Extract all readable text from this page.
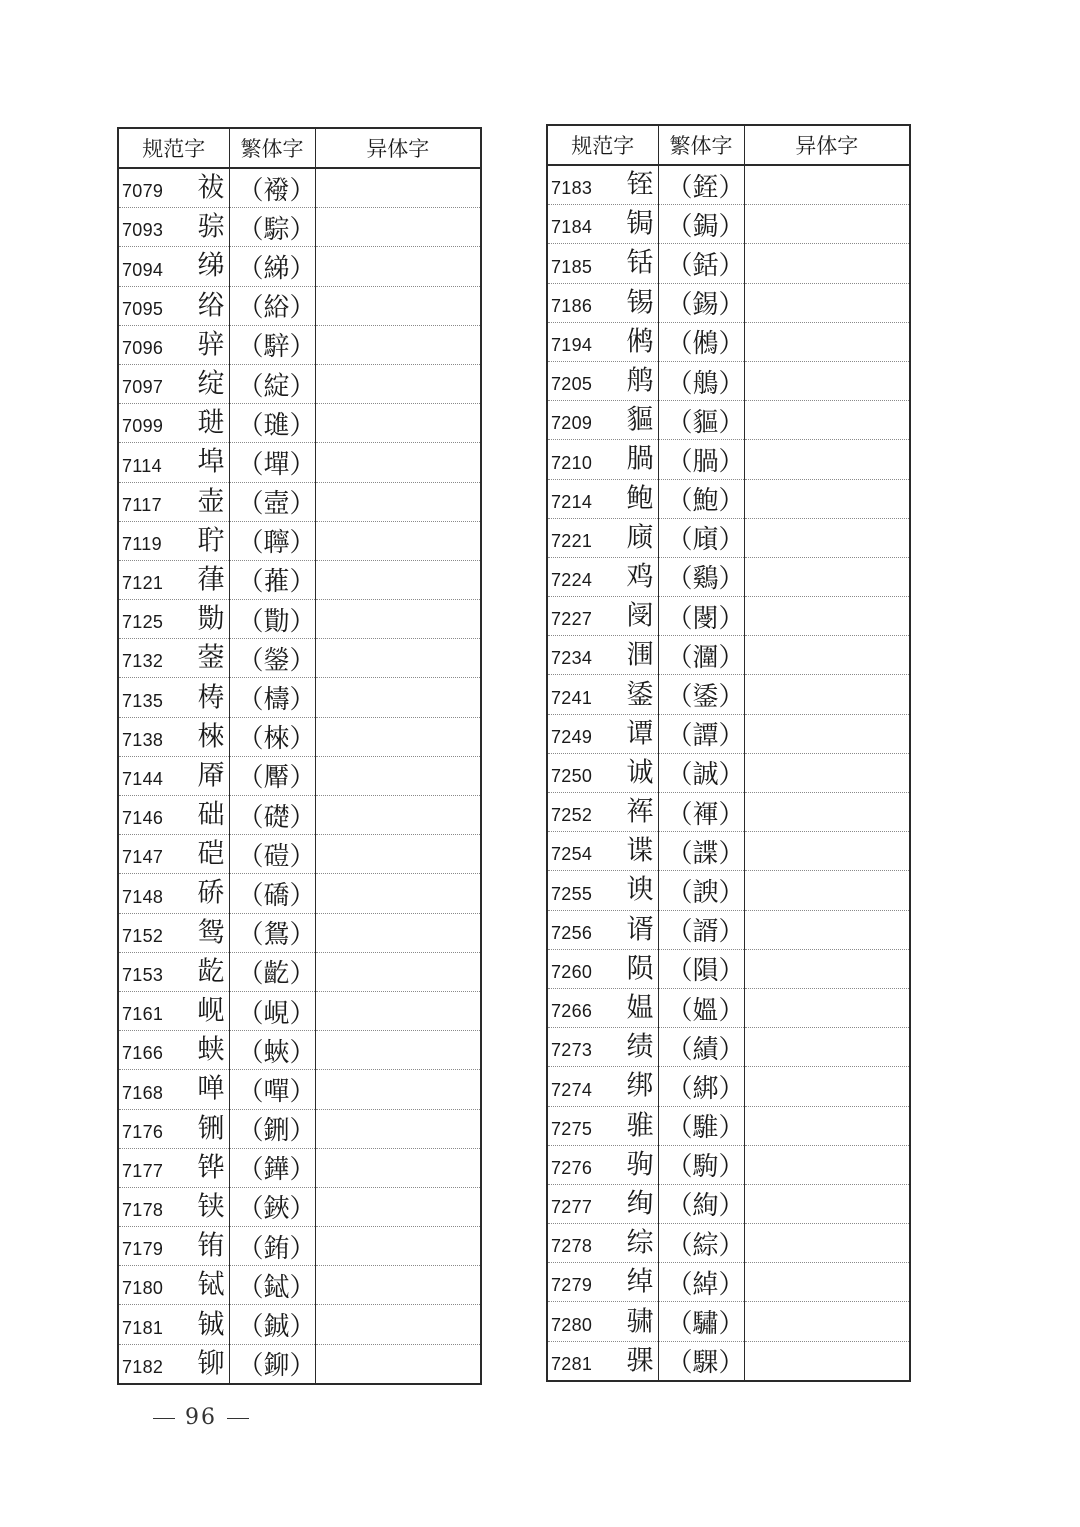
规范字	繁体字	异体字

7079 祓	（襏）	

7093 骔	（騌）	

7094 绨	（綈）	

7095 绤	（綌）	

7096 骍	（騂）	

7097 绽	（綻）	

7099 琎	（璡）	

7114 埠	（墠）	

7117 壶	（壼）	

7119 聍	（聹）	

7121 葎	（蓷）	

7125 勚	（勩）	

7132 蓥	（鎣）	

7135 梼	（檮）	

7138 棶	（棶）	

7144 厣	（厴）	

7146 础	（礎）	

7147 硙	（磑）	

7148 硚	（礄）	

7152 鸳	（鴛）	

7153 龁	（齕）	

7161 岘	（峴）	

7166 蛱	（蛺）	

7168 啴	（嘽）	

7176 铏	（鉶）	

7177 铧	（鏵）	

7178 铗	（鋏）	

7179 铕	（銪）	

7180 铽	（鋱）	

7181 铖	（鋮）	

7182 铆	（鉚）	
规范字	繁体字	异体字

7183 铚	（銍）	

7184 锔	（鋦）	

7185 铦	（銛）	

7186 锡	（錫）	

7194 鸺	（鵂）	

7205 鸼	（鵃）	

7209 貙	（貙）	

7210 腡	（腡）	

7214 鲍	（鮑）	

7221 庼	（廎）	

7224 鸡	（鷄）	

7227 阌	（閿）	

7234 涠	（潿）	

7241 鋈	（鋈）	

7249 谭	（譚）	

7250 诚	（誠）	

7252 裈	（褌）	

7254 谍	（諜）	

7255 谀	（諛）	

7256 谞	（諝）	

7260 陨	（隕）	

7266 媪	（媼）	

7273 绩	（績）	

7274 绑	（綁）	

7275 骓	（騅）	

7276 驹	（駒）	

7277 绚	（絢）	

7278 综	（綜）	

7279 绰	（綽）	

7280 骕	（驌）	

7281 骒	（騍）	
96
